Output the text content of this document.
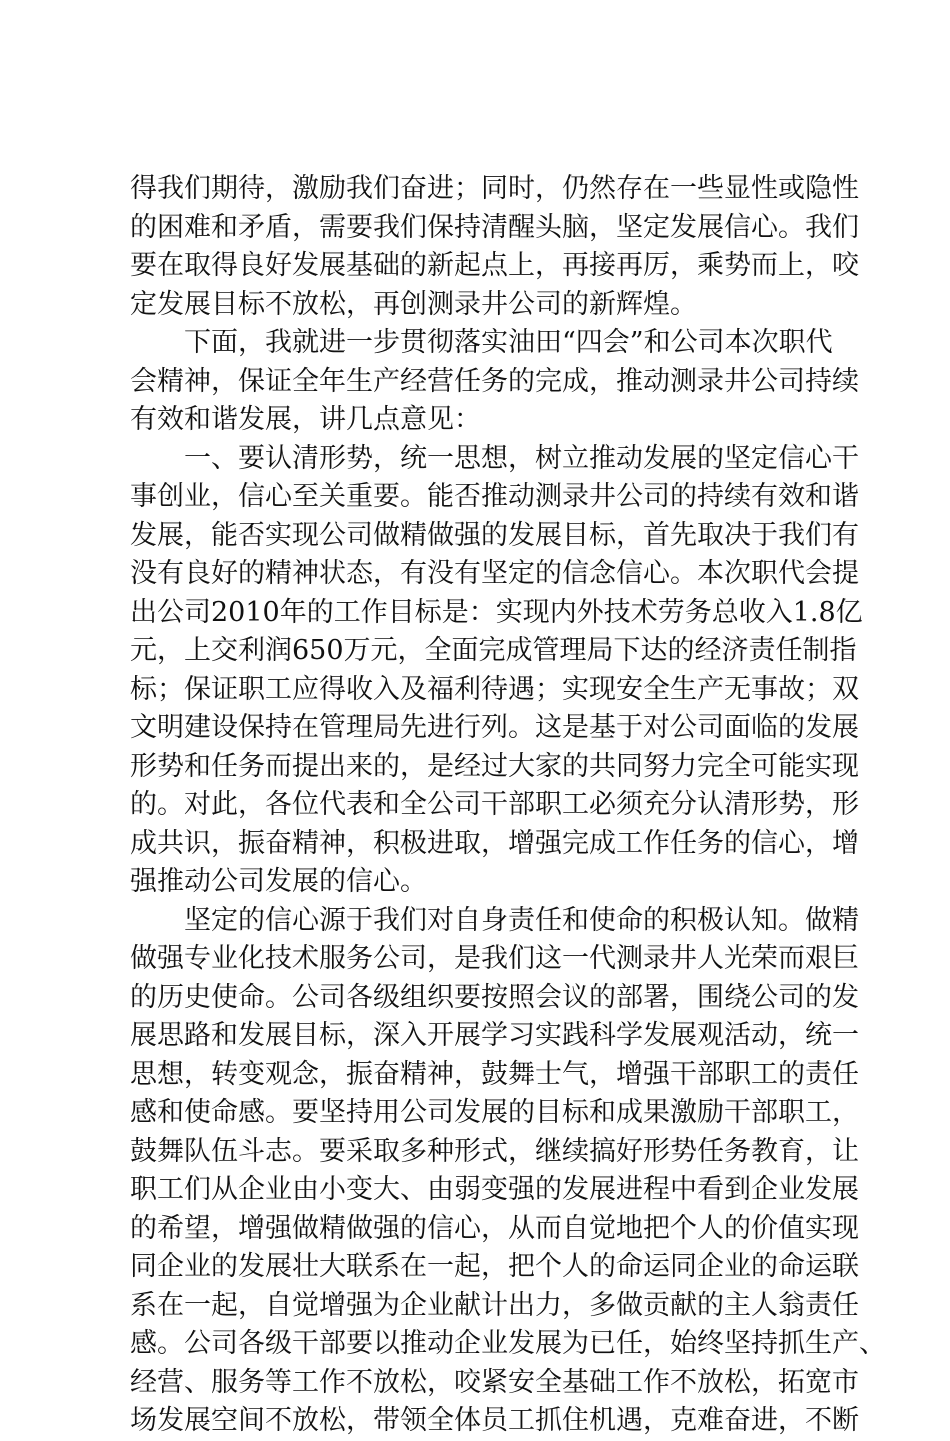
得我们期待，激励我们奋进；同时，仍然存在一些显性或隐性
的困难和矛盾，需要我们保持清醒头脑，坚定发展信心。我们
要在取得良好发展基础的新起点上，再接再厉，乘势而上，咬
定发展目标不放松，再创测录井公司的新辉煌。
下面，我就进一步贯彻落实油田“四会”和公司本次职代
会精神，保证全年生产经营任务的完成，推动测录井公司持续
有效和谐发展，讲几点意见：
一、要认清形势，统一思想，树立推动发展的坚定信心干
事创业，信心至关重要。能否推动测录井公司的持续有效和谐
发展，能否实现公司做精做强的发展目标，首先取决于我们有
没有良好的精神状态，有没有坚定的信念信心。本次职代会提
出公司2010年的工作目标是：实现内外技术劳务总收入1.8亿
元，上交利润650万元，全面完成管理局下达的经济责任制指
标；保证职工应得收入及福利待遇；实现安全生产无事故；双
文明建设保持在管理局先进行列。这是基于对公司面临的发展
形势和任务而提出来的，是经过大家的共同努力完全可能实现
的。对此，各位代表和全公司干部职工必须充分认清形势，形
成共识，振奋精神，积极进取，增强完成工作任务的信心，增
强推动公司发展的信心。
坚定的信心源于我们对自身责任和使命的积极认知。做精
做强专业化技术服务公司，是我们这一代测录井人光荣而艰巨
的历史使命。公司各级组织要按照会议的部署，围绕公司的发
展思路和发展目标，深入开展学习实践科学发展观活动，统一
思想，转变观念，振奋精神，鼓舞士气，增强干部职工的责任
感和使命感。要坚持用公司发展的目标和成果激励干部职工，
鼓舞队伍斗志。要采取多种形式，继续搞好形势任务教育，让
职工们从企业由小变大、由弱变强的发展进程中看到企业发展
的希望，增强做精做强的信心，从而自觉地把个人的价值实现
同企业的发展壮大联系在一起，把个人的命运同企业的命运联
系在一起，自觉增强为企业献计出力，多做贡献的主人翁责任
感。公司各级干部要以推动企业发展为已任，始终坚持抓生产、
经营、服务等工作不放松，咬紧安全基础工作不放松，拓宽市
场发展空间不放松，带领全体员工抓住机遇，克难奋进，不断
